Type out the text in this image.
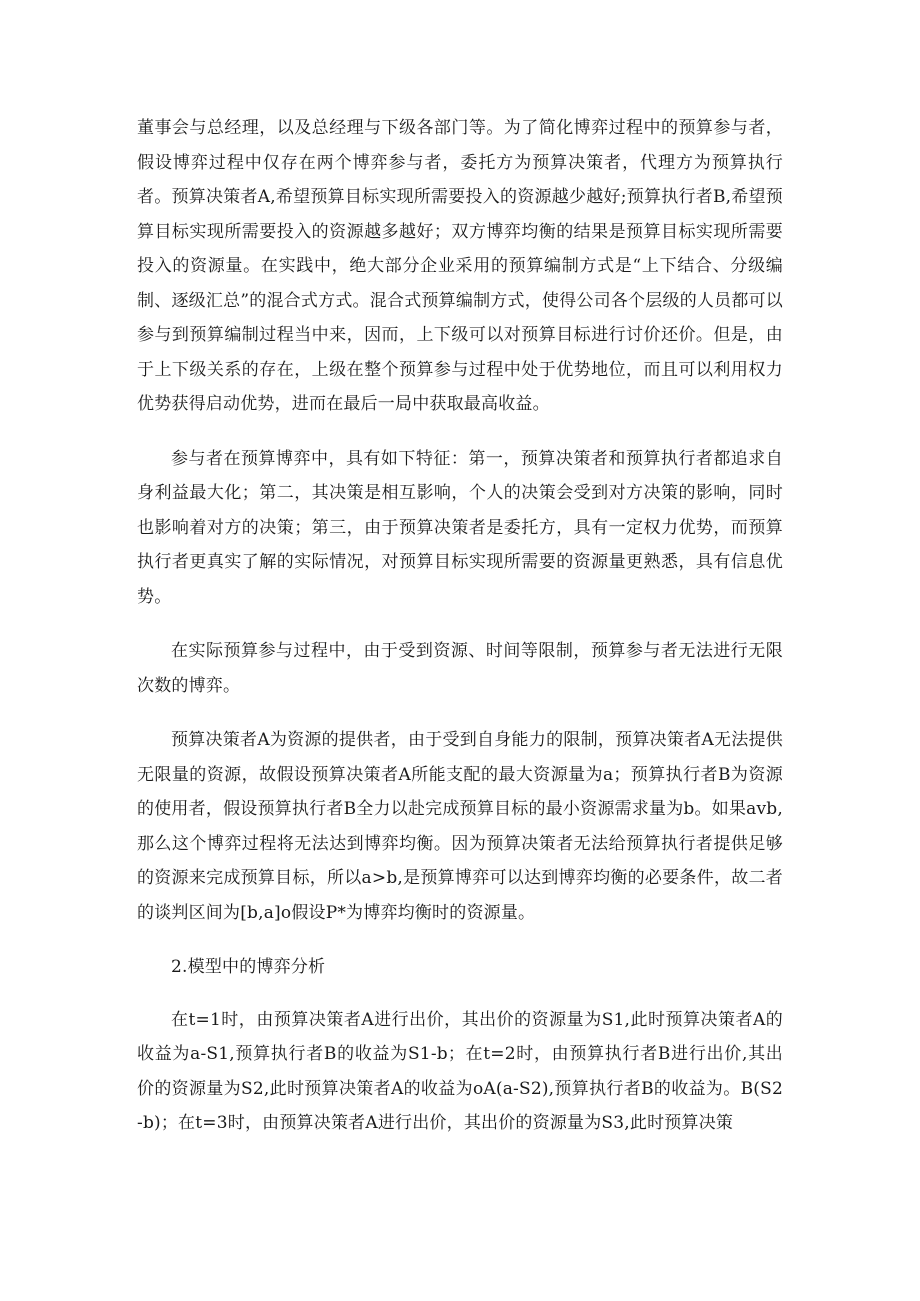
董事会与总经理，以及总经理与下级各部门等。为了简化博弈过程中的预算参与者，假设博弈过程中仅存在两个博弈参与者，委托方为预算决策者，代理方为预算执行者。预算决策者A,希望预算目标实现所需要投入的资源越少越好;预算执行者B,希望预算目标实现所需要投入的资源越多越好；双方博弈均衡的结果是预算目标实现所需要投入的资源量。在实践中，绝大部分企业采用的预算编制方式是“上下结合、分级编制、逐级汇总”的混合式方式。混合式预算编制方式，使得公司各个层级的人员都可以参与到预算编制过程当中来，因而，上下级可以对预算目标进行讨价还价。但是，由于上下级关系的存在，上级在整个预算参与过程中处于优势地位，而且可以利用权力优势获得启动优势，进而在最后一局中获取最高收益。

参与者在预算博弈中，具有如下特征：第一，预算决策者和预算执行者都追求自身利益最大化；第二，其决策是相互影响，个人的决策会受到对方决策的影响，同时也影响着对方的决策；第三，由于预算决策者是委托方，具有一定权力优势，而预算执行者更真实了解的实际情况，对预算目标实现所需要的资源量更熟悉，具有信息优势。

在实际预算参与过程中，由于受到资源、时间等限制，预算参与者无法进行无限次数的博弈。

预算决策者A为资源的提供者，由于受到自身能力的限制，预算决策者A无法提供无限量的资源，故假设预算决策者A所能支配的最大资源量为a；预算执行者B为资源的使用者，假设预算执行者B全力以赴完成预算目标的最小资源需求量为b。如果avb,那么这个博弈过程将无法达到博弈均衡。因为预算决策者无法给预算执行者提供足够的资源来完成预算目标，所以a>b,是预算博弈可以达到博弈均衡的必要条件，故二者的谈判区间为[b,a]o假设P*为博弈均衡时的资源量。

2.模型中的博弈分析

在t=1时，由预算决策者A进行出价，其出价的资源量为S1,此时预算决策者A的收益为a-S1,预算执行者B的收益为S1-b；在t=2时，由预算执行者B进行出价,其出价的资源量为S2,此时预算决策者A的收益为oA(a-S2),预算执行者B的收益为。B(S2-b)；在t=3时，由预算决策者A进行出价，其出价的资源量为S3,此时预算决策
